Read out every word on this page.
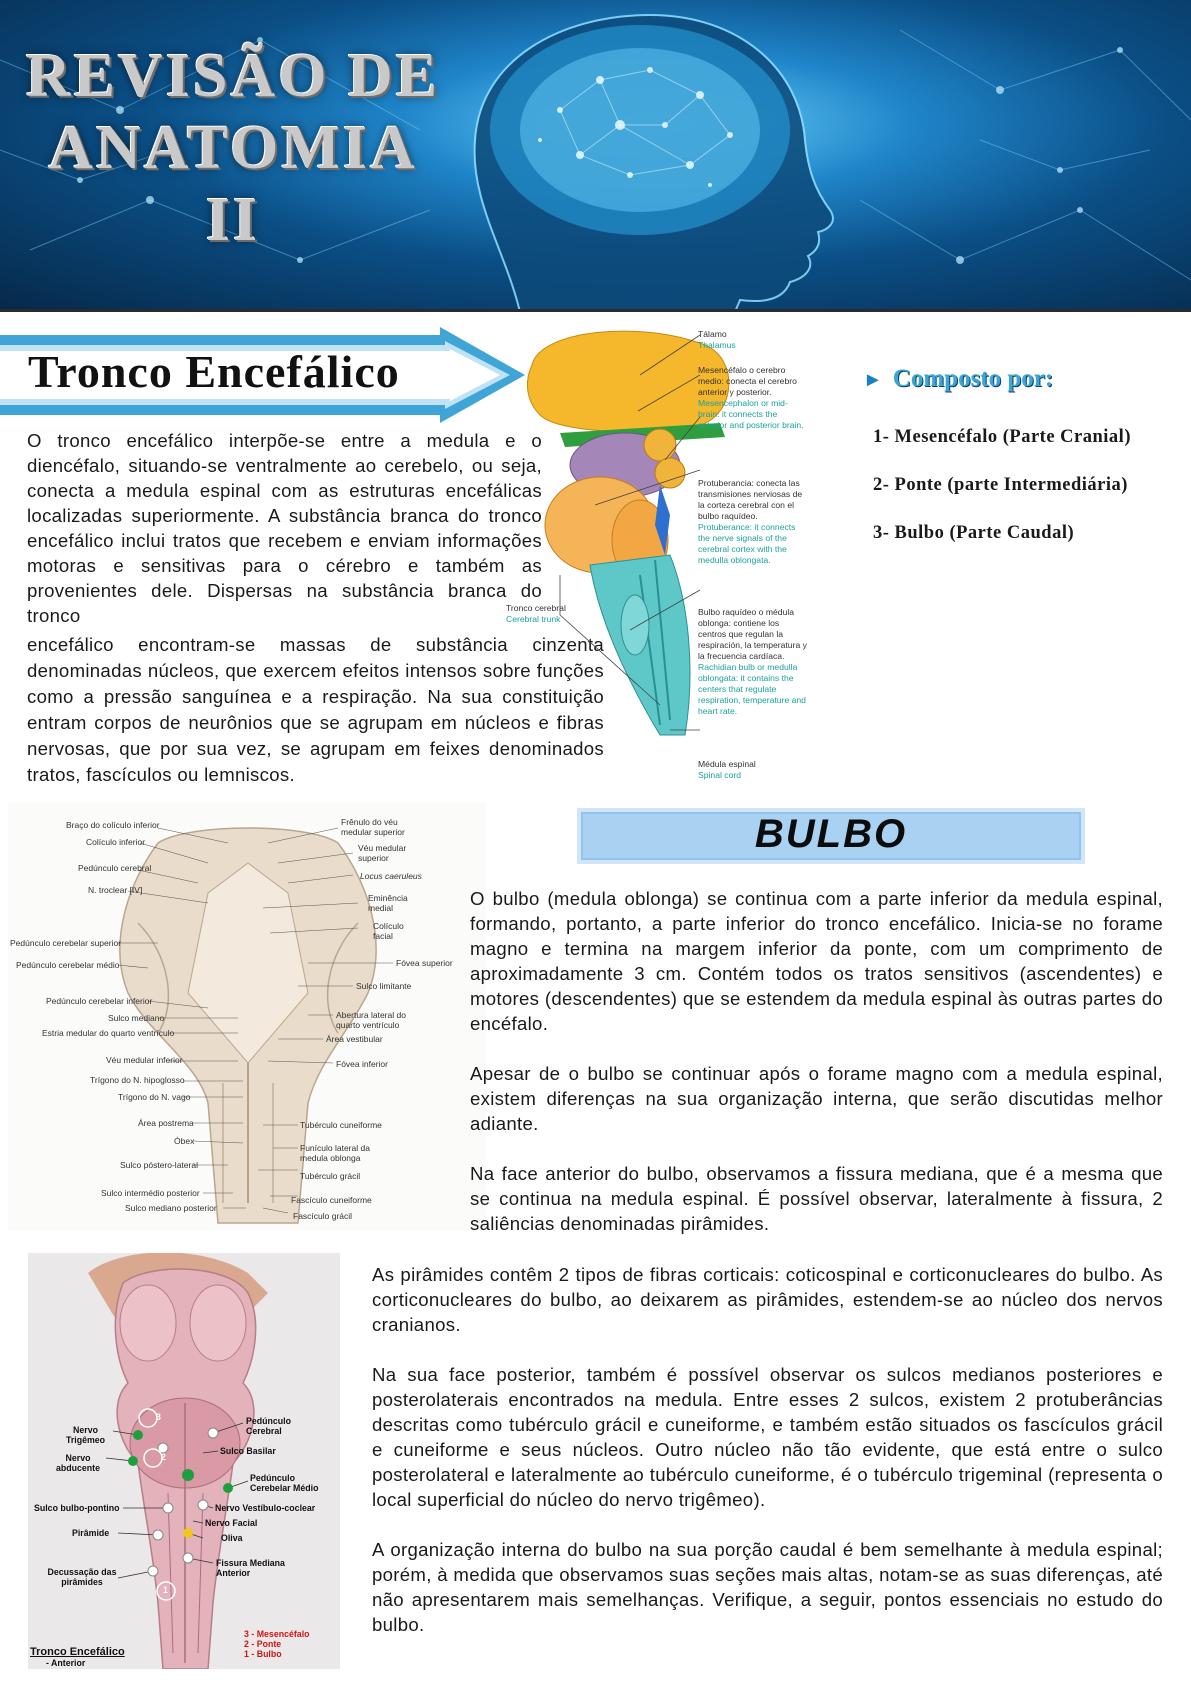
REVISÃO DE
ANATOMIA
II
Tronco Encefálico
O tronco encefálico interpõe-se entre a medula e o diencéfalo, situando-se ventralmente ao cerebelo, ou seja, conecta a medula espinal com as estruturas encefálicas localizadas superiormente. A substância branca do tronco encefálico inclui tratos que recebem e enviam informações motoras e sensitivas para o cérebro e também as provenientes dele. Dispersas na substância branca do tronco
encefálico encontram-se massas de substância cinzenta denominadas núcleos, que exercem efeitos intensos sobre funções como a pressão sanguínea e a respiração. Na sua constituição entram corpos de neurônios que se agrupam em núcleos e fibras nervosas, que por sua vez, se agrupam em feixes denominados tratos, fascículos ou lemniscos.
Tálamo
Thalamus
Mesencéfalo o cerebro medio: conecta el cerebro anterior y posterior.
Mesencephalon or mid-brain: it connects the anterior and posterior brain.
Protuberancia: conecta las transmisiones nerviosas de la corteza cerebral con el bulbo raquídeo.
Protuberance: it connects the nerve signals of the cerebral cortex with the medulla oblongata.
Tronco cerebral
Cerebral trunk
Bulbo raquídeo o médula oblonga: contiene los centros que regulan la respiración, la temperatura y la frecuencia cardíaca.
Rachidian bulb or medulla oblongata: it contains the centers that regulate respiration, temperature and heart rate.
Médula espinal
Spinal cord
► Composto por:
1- Mesencéfalo (Parte Cranial)
2- Ponte (parte Intermediária)
3- Bulbo (Parte Caudal)
Braço do colículo inferior
Colículo inferior
Pedúnculo cerebral
N. troclear [IV]
Pedúnculo cerebelar superior
Pedúnculo cerebelar médio
Pedúnculo cerebelar inferior
Sulco mediano
Estria medular do quarto ventrículo
Véu medular inferior
Trígono do N. hipoglosso
Trígono do N. vago
Área postrema
Óbex
Sulco póstero-lateral
Sulco intermédio posterior
Sulco mediano posterior
Frênulo do véu medular superior
Véu medular superior
Locus caeruleus
Eminência medial
Colículo facial
Fóvea superior
Sulco limitante
Abertura lateral do quarto ventrículo
Área vestibular
Fóvea inferior
Tubérculo cuneiforme
Funículo lateral da medula oblonga
Tubérculo grácil
Fascículo cuneiforme
Fascículo grácil
BULBO

O bulbo (medula oblonga) se continua com a parte inferior da medula espinal, formando, portanto, a parte inferior do tronco encefálico. Inicia-se no forame magno e termina na margem inferior da ponte, com um comprimento de aproximadamente 3 cm. Contém todos os tratos sensitivos (ascendentes) e motores (descendentes) que se estendem da medula espinal às outras partes do encéfalo.

Apesar de o bulbo se continuar após o forame magno com a medula espinal, existem diferenças na sua organização interna, que serão discutidas melhor adiante.

Na face anterior do bulbo, observamos a fissura mediana, que é a mesma que se continua na medula espinal. É possível observar, lateralmente à fissura, 2 saliências denominadas pirâmides.

3
2
1
Nervo Trigêmeo
Nervo abducente
Sulco bulbo-pontino
Pirâmide
Decussação das pirâmides
Pedúnculo Cerebral
Sulco Basilar
Pedúnculo Cerebelar Médio
Nervo Vestíbulo-coclear
Nervo Facial
Oliva
Fissura Mediana Anterior
3 - Mesencéfalo
2 - Ponte
1 - Bulbo
Tronco Encefálico
- Anterior

As pirâmides contêm 2 tipos de fibras corticais: coticospinal e corticonucleares do bulbo. As corticonucleares do bulbo, ao deixarem as pirâmides, estendem-se ao núcleo dos nervos cranianos.

Na sua face posterior, também é possível observar os sulcos medianos posteriores e posterolaterais encontrados na medula. Entre esses 2 sulcos, existem 2 protuberâncias descritas como tubérculo grácil e cuneiforme, e também estão situados os fascículos grácil e cuneiforme e seus núcleos. Outro núcleo não tão evidente, que está entre o sulco posterolateral e lateralmente ao tubérculo cuneiforme, é o tubérculo trigeminal (representa o local superficial do núcleo do nervo trigêmeo).

A organização interna do bulbo na sua porção caudal é bem semelhante à medula espinal; porém, à medida que observamos suas seções mais altas, notam-se as suas diferenças, até não apresentarem mais semelhanças. Verifique, a seguir, pontos essenciais no estudo do bulbo.
